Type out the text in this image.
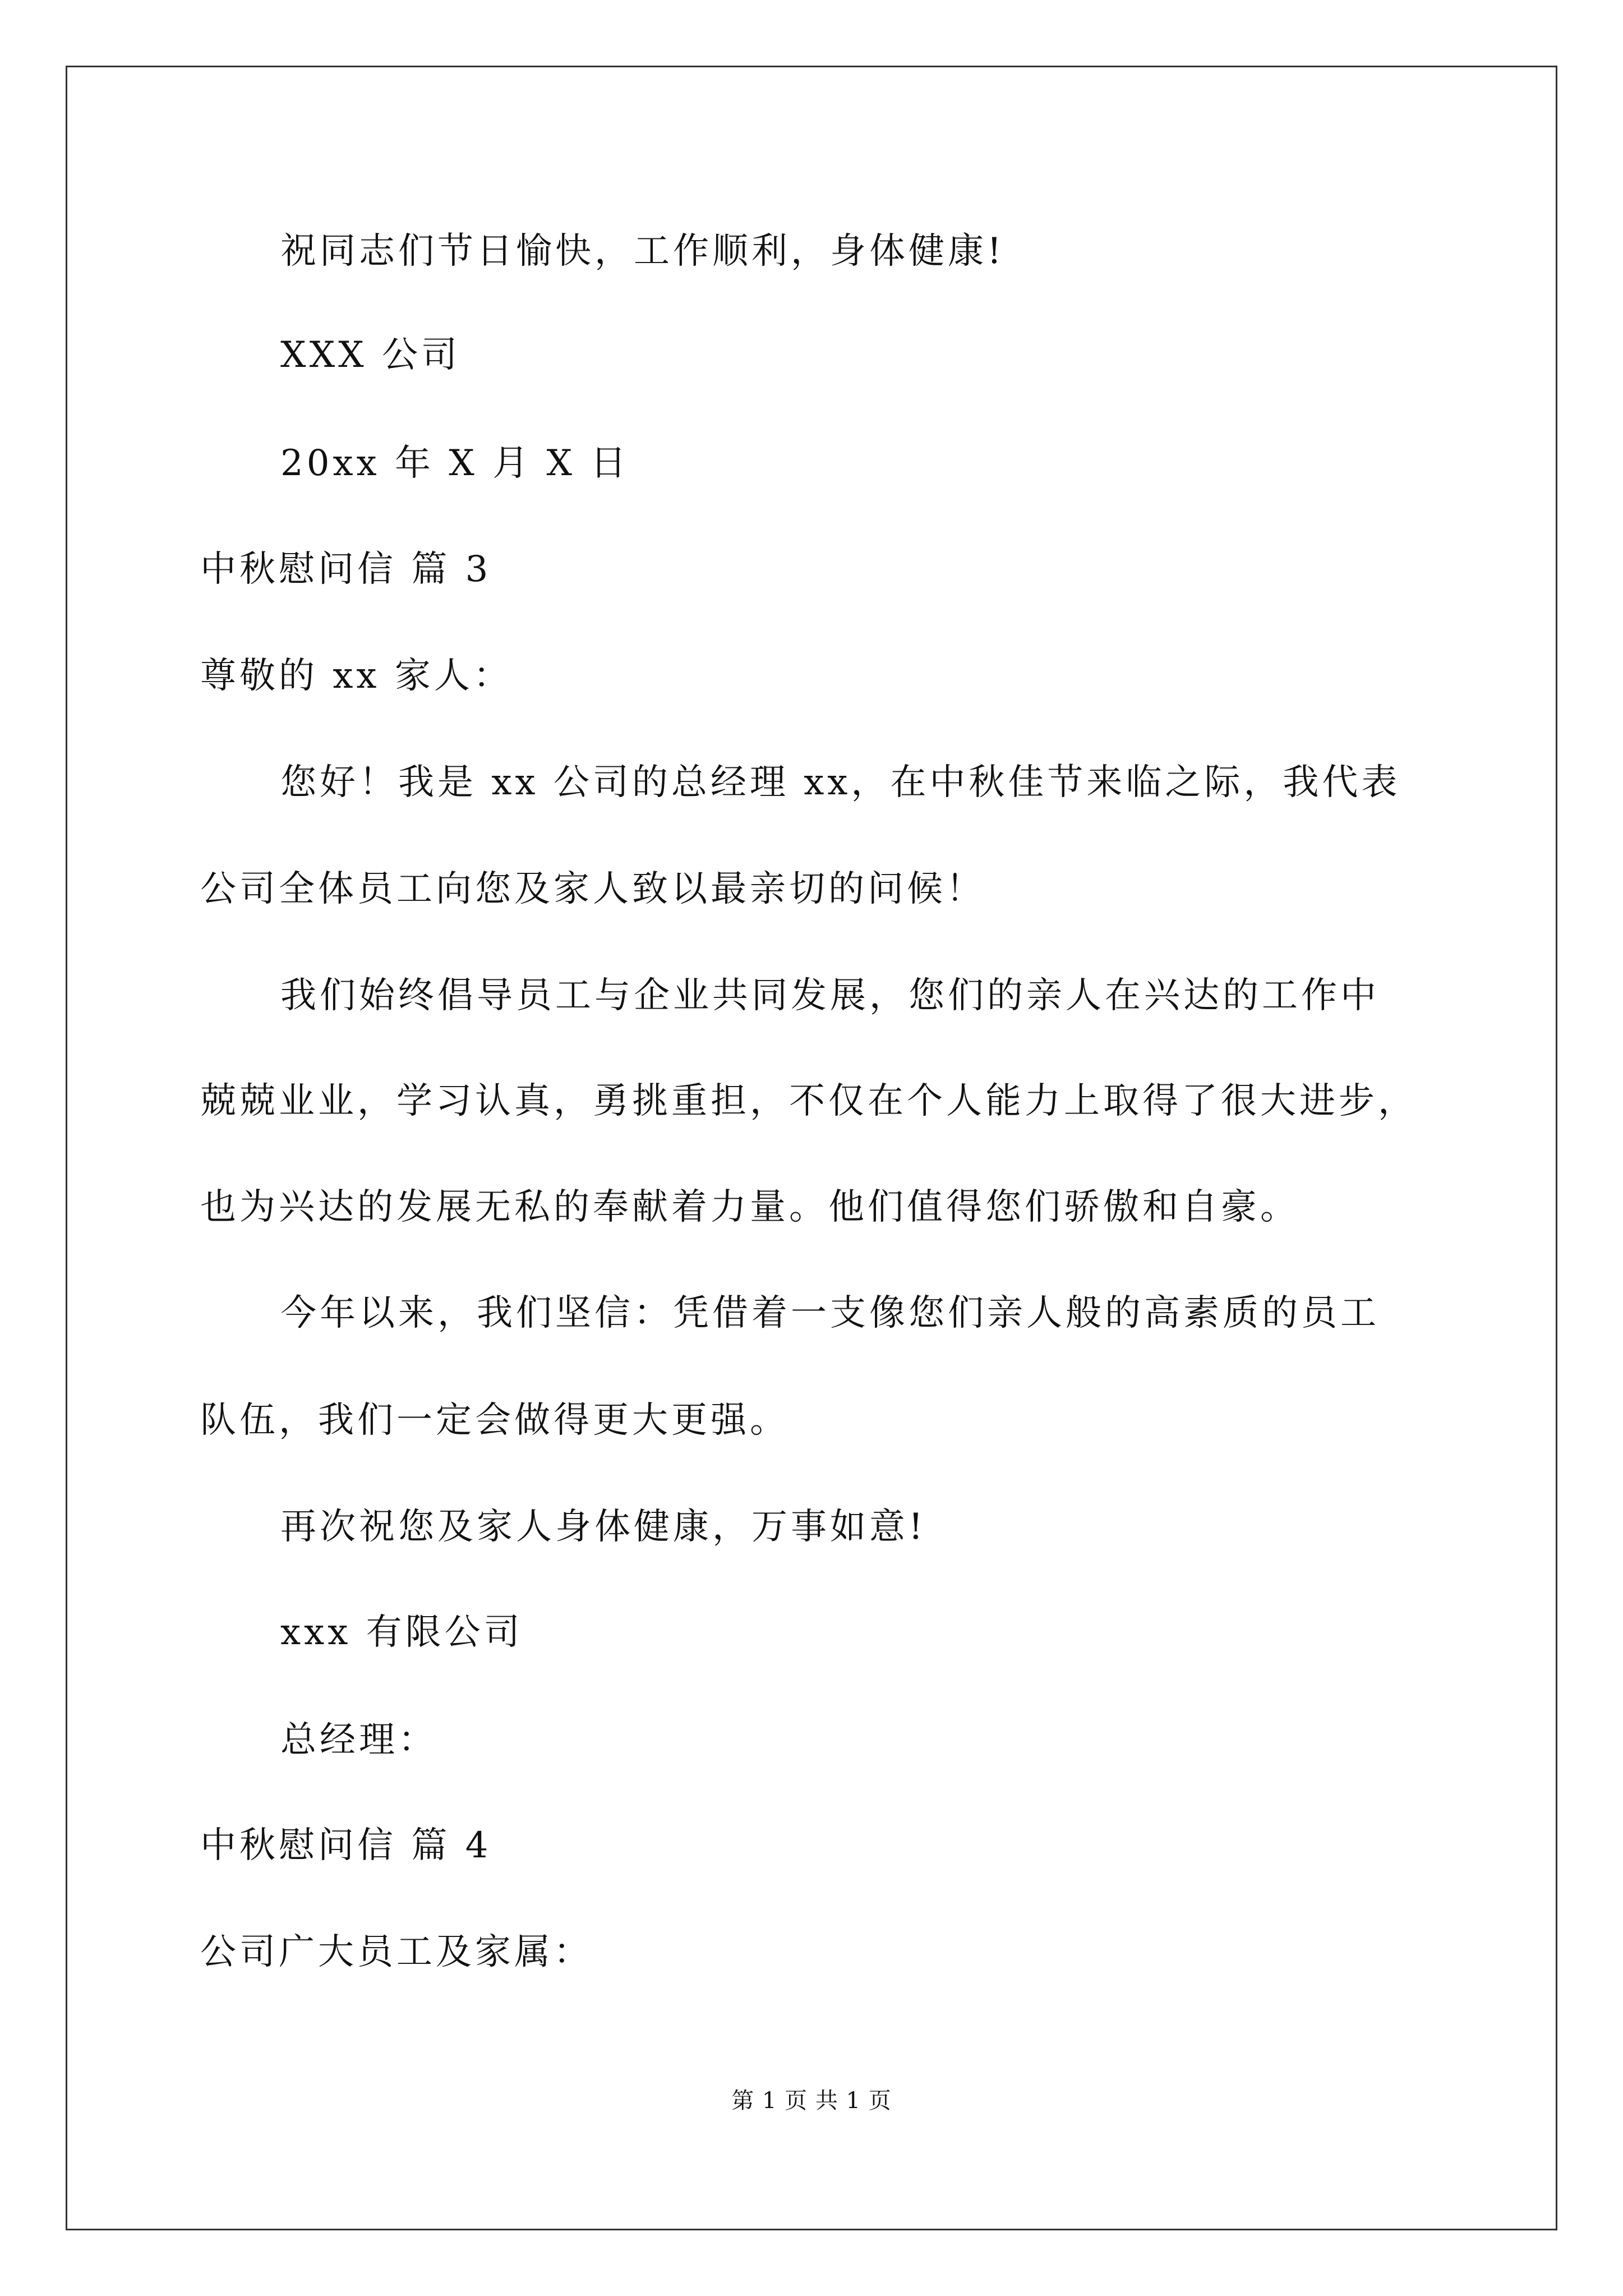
祝同志们节日愉快，工作顺利，身体健康!
XXX 公司
20xx 年 X 月 X 日
中秋慰问信 篇 3
尊敬的 xx 家人：
您好！我是 xx 公司的总经理 xx，在中秋佳节来临之际，我代表
公司全体员工向您及家人致以最亲切的问候！
我们始终倡导员工与企业共同发展，您们的亲人在兴达的工作中
兢兢业业，学习认真，勇挑重担，不仅在个人能力上取得了很大进步，
也为兴达的发展无私的奉献着力量。他们值得您们骄傲和自豪。
今年以来，我们坚信：凭借着一支像您们亲人般的高素质的员工
队伍，我们一定会做得更大更强。
再次祝您及家人身体健康，万事如意!
xxx 有限公司
总经理：
中秋慰问信 篇 4
公司广大员工及家属：
第 1 页 共 1 页
